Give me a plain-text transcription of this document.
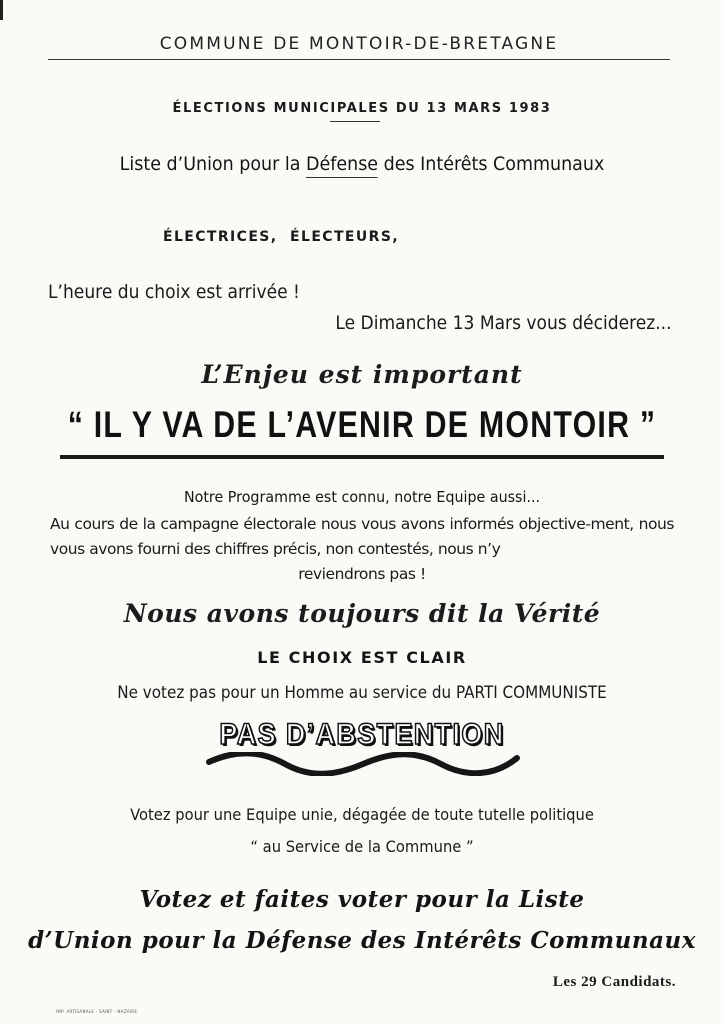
COMMUNE DE MONTOIR-DE-BRETAGNE
ÉLECTIONS MUNICIPALES DU 13 MARS 1983
Liste d’Union pour la Défense des Intérêts Communaux
ÉLECTRICES,  ÉLECTEURS,
L’heure du choix est arrivée !
Le Dimanche 13 Mars vous déciderez...
L’Enjeu est important
“ IL Y VA DE L’AVENIR DE MONTOIR ”
Notre Programme est connu, notre Equipe aussi...
Au cours de la campagne électorale nous vous avons informés objective-ment, nous vous avons fourni des chiffres précis, non contestés, nous n’y
reviendrons pas !
Nous avons toujours dit la Vérité
LE CHOIX EST CLAIR
Ne votez pas pour un Homme au service du PARTI COMMUNISTE
PAS D’ABSTENTION
Votez pour une Equipe unie, dégagée de toute tutelle politique
“ au Service de la Commune ”
Votez et faites voter pour la Liste
d’Union pour la Défense des Intérêts Communaux
Les 29 Candidats.
IMP. ARTISANALE - SAINT - NAZAIRE
